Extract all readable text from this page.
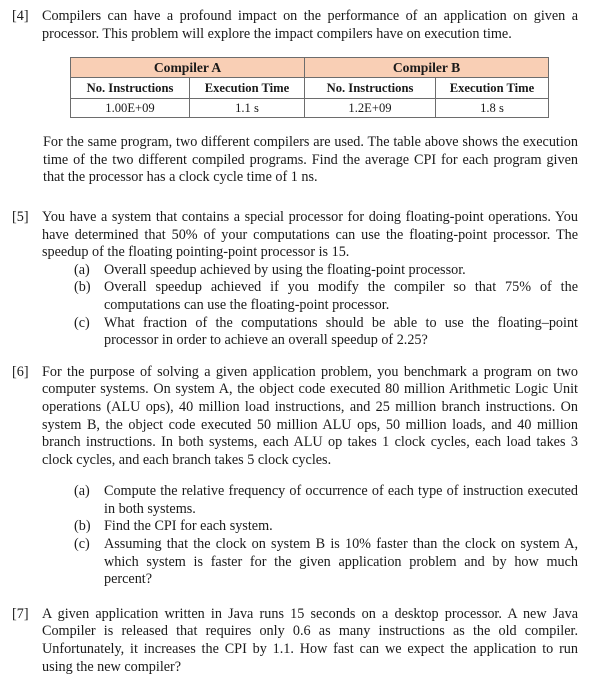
[4] Compilers can have a profound impact on the performance of an application on given a processor. This problem will explore the impact compilers have on execution time.

Compiler A		Compiler B	
No. Instructions	Execution Time	No. Instructions	Execution Time
1.00E+09	1.1 s	1.2E+09	1.8 s

For the same program, two different compilers are used. The table above shows the execution time of the two different compiled programs. Find the average CPI for each program given that the processor has a clock cycle time of 1 ns.

[5] You have a system that contains a special processor for doing floating-point operations. You have determined that 50% of your computations can use the floating-point processor. The speedup of the floating pointing-point processor is 15.

(a)	Overall speedup achieved by using the floating-point processor.
(b) Overall speedup achieved if you modify the compiler so that 75% of the computations can use the floating-point processor.
(c)	What fraction of the computations should be able to use the floating–point processor in order to achieve an overall speedup of 2.25?
[6] For the purpose of solving a given application problem, you benchmark a program on two computer systems. On system A, the object code executed 80 million Arithmetic Logic Unit operations (ALU ops), 40 million load instructions, and 25 million branch instructions. On system B, the object code executed 50 million ALU ops, 50 million loads, and 40 million branch instructions. In both systems, each ALU op takes 1 clock cycles, each load takes 3 clock cycles, and each branch takes 5 clock cycles.

(a)	Compute the relative frequency of occurrence of each type of instruction executed in both systems.
(b) Find the CPI for each system.
(c)	Assuming that the clock on system B is 10% faster than the clock on system A, which system is faster for the given application problem and by how much percent?
[7] A given application written in Java runs 15 seconds on a desktop processor. A new Java Compiler is released that requires only 0.6 as many instructions as the old compiler. Unfortunately, it increases the CPI by 1.1. How fast can we expect the application to run using the new compiler?
